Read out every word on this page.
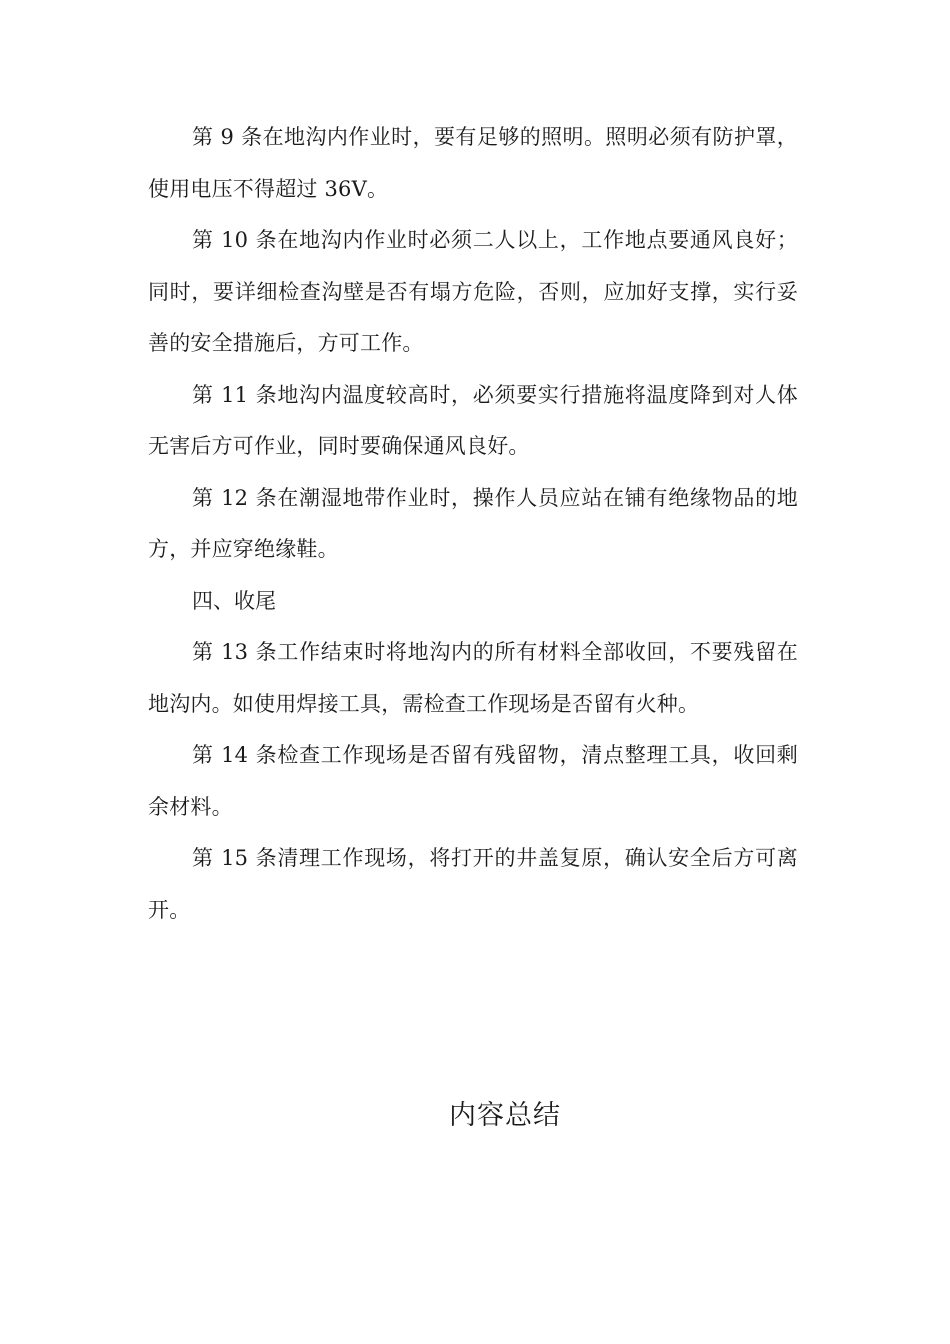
第 9 条在地沟内作业时，要有足够的照明。照明必须有防护罩，使用电压不得超过 36V。

第 10 条在地沟内作业时必须二人以上，工作地点要通风良好；同时，要详细检查沟壁是否有塌方危险，否则，应加好支撑，实行妥善的安全措施后，方可工作。

第 11 条地沟内温度较高时，必须要实行措施将温度降到对人体无害后方可作业，同时要确保通风良好。

第 12 条在潮湿地带作业时，操作人员应站在铺有绝缘物品的地方，并应穿绝缘鞋。

四、收尾

第 13 条工作结束时将地沟内的所有材料全部收回，不要残留在地沟内。如使用焊接工具，需检查工作现场是否留有火种。

第 14 条检查工作现场是否留有残留物，清点整理工具，收回剩余材料。

第 15 条清理工作现场，将打开的井盖复原，确认安全后方可离开。

内容总结
